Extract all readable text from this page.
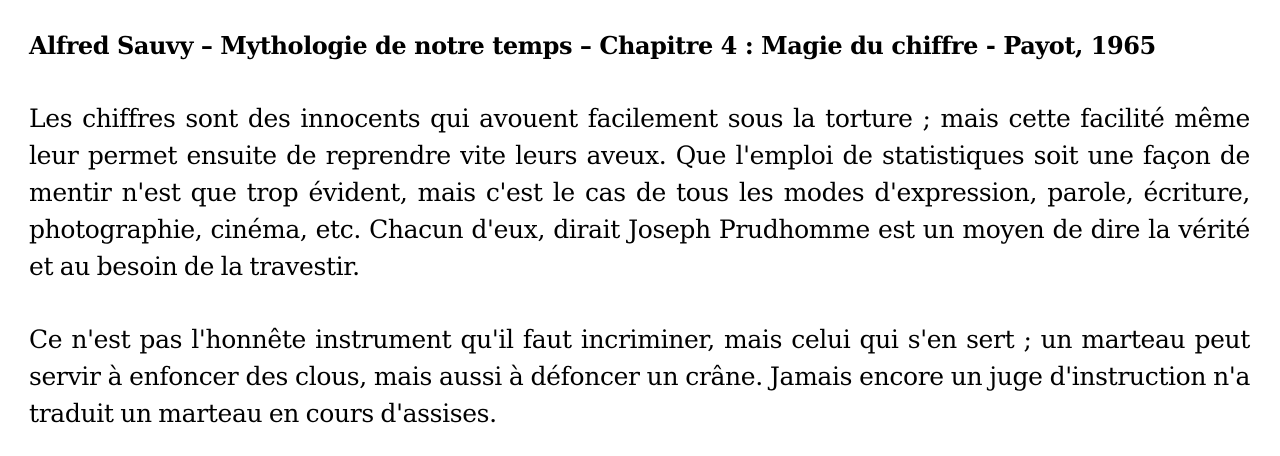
Alfred Sauvy – Mythologie de notre temps – Chapitre 4 : Magie du chiffre - Payot, 1965

Les chiffres sont des innocents qui avouent facilement sous la torture ; mais cette facilité même leur permet ensuite de reprendre vite leurs aveux. Que l'emploi de statistiques soit une façon de mentir n'est que trop évident, mais c'est le cas de tous les modes d'expression, parole, écriture, photographie, cinéma, etc. Chacun d'eux, dirait Joseph Prudhomme est un moyen de dire la vérité et au besoin de la travestir.

Ce n'est pas l'honnête instrument qu'il faut incriminer, mais celui qui s'en sert ; un marteau peut servir à enfoncer des clous, mais aussi à défoncer un crâne. Jamais encore un juge d'instruction n'a traduit un marteau en cours d'assises.
